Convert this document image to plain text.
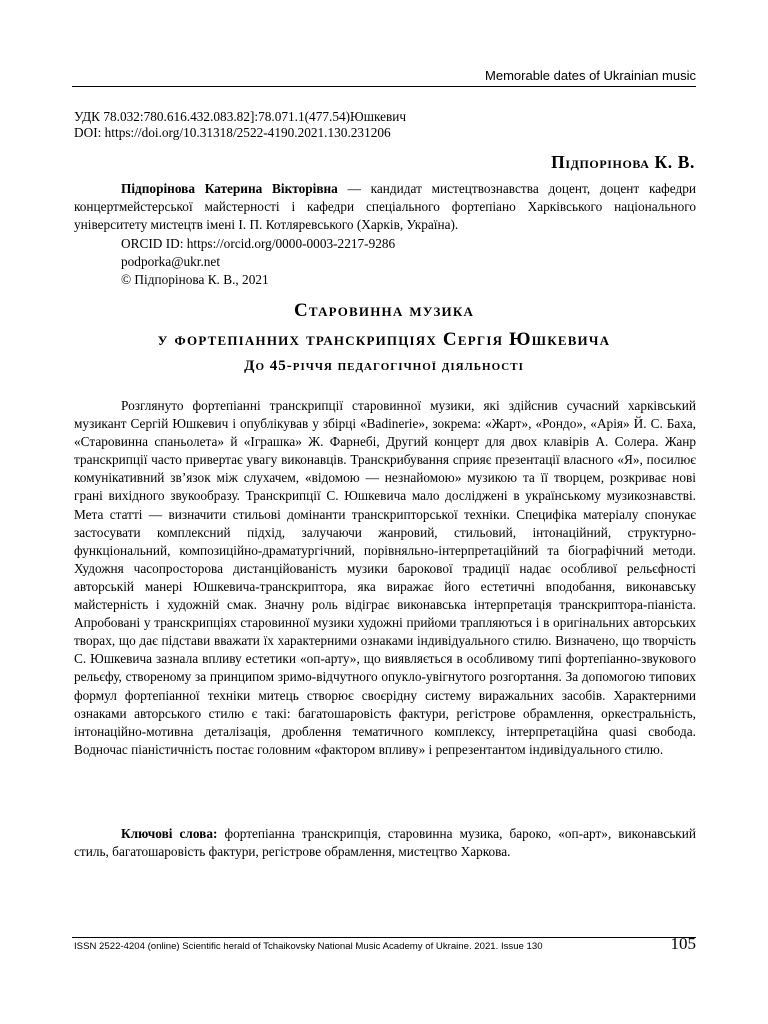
Memorable dates of Ukrainian music
УДК 78.032:780.616.432.083.82]:78.071.1(477.54)Юшкевич
DOI: https://doi.org/10.31318/2522-4190.2021.130.231206
Підпорінова К. В.
Підпорінова Катерина Вікторівна — кандидат мистецтвознавства доцент, доцент кафедри концертмейстерської майстерності і кафедри спеціального фортепіано Харківського національного університету мистецтв імені І. П. Котляревського (Харків, Україна).
ORCID ID: https://orcid.org/0000-0003-2217-9286
podporka@ukr.net
© Підпорінова К. В., 2021
Старовинна музика
у фортепіанних транскрипціях Сергія Юшкевича
До 45-річчя педагогічної діяльності
Розглянуто фортепіанні транскрипції старовинної музики, які здійснив сучасний харківський музикант Сергій Юшкевич і опублікував у збірці «Badinerie», зокрема: «Жарт», «Рондо», «Арія» Й. С. Баха, «Старовинна спаньолета» й «Іграшка» Ж. Фарнебі, Другий концерт для двох клавірів А. Солера. Жанр транскрипції часто привертає увагу виконавців. Транскрибування сприяє презентації власного «Я», посилює комунікативний зв’язок між слухачем, «відомою — незнайомою» музикою та її творцем, розкриває нові грані вихідного звукообразу. Транскрипції С. Юшкевича мало досліджені в українському музикознавстві. Мета статті — визначити стильові домінанти транскрипторської техніки. Специфіка матеріалу спонукає застосувати комплексний підхід, залучаючи жанровий, стильовий, інтонаційний, структурно-функціональний, композиційно-драматургічний, порівняльно-інтерпретаційний та біографічний методи. Художня часопросторова дистанційованість музики барокової традиції надає особливої рельєфності авторській манері Юшкевича-транскриптора, яка виражає його естетичні вподобання, виконавську майстерність і художній смак. Значну роль відіграє виконавська інтерпретація транскриптора-піаніста. Апробовані у транскрипціях старовинної музики художні прийоми трапляються і в оригінальних авторських творах, що дає підстави вважати їх характерними ознаками індивідуального стилю. Визначено, що творчість С. Юшкевича зазнала впливу естетики «оп-арту», що виявляється в особливому типі фортепіанно-звукового рельєфу, створеному за принципом зримо-відчутного опукло-увігнутого розгортання. За допомогою типових формул фортепіанної техніки митець створює своєрідну систему виражальних засобів. Характерними ознаками авторського стилю є такі: багатошаровість фактури, регістрове обрамлення, оркестральність, інтонаційно-мотивна деталізація, дроблення тематичного комплексу, інтерпретаційна quasi свобода. Водночас піаністичність постає головним «фактором впливу» і репрезентантом індивідуального стилю.
Ключові слова: фортепіанна транскрипція, старовинна музика, бароко, «оп-арт», виконавський стиль, багатошаровість фактури, регістрове обрамлення, мистецтво Харкова.
ISSN 2522-4204 (online) Scientific herald of Tchaikovsky National Music Academy of Ukraine. 2021. Issue 130	105
